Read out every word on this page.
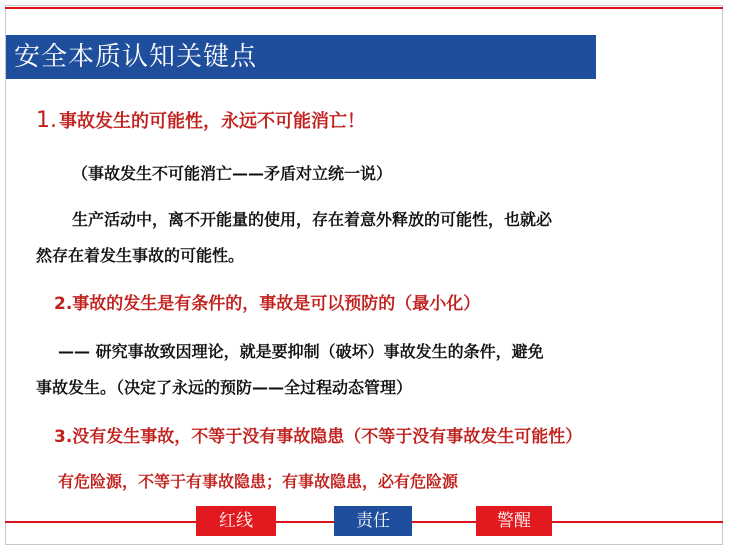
安全本质认知关键点
1. 事故发生的可能性，永远不可能消亡！
（事故发生不可能消亡——矛盾对立统一说）
生产活动中，离不开能量的使用，存在着意外释放的可能性，也就必
然存在着发生事故的可能性。
2.事故的发生是有条件的，事故是可以预防的（最小化）
—— 研究事故致因理论，就是要抑制（破坏）事故发生的条件，避免
事故发生。（决定了永远的预防——全过程动态管理）
3.没有发生事故，不等于没有事故隐患（不等于没有事故发生可能性）
有危险源，不等于有事故隐患；有事故隐患，必有危险源
红线	责任	警醒
